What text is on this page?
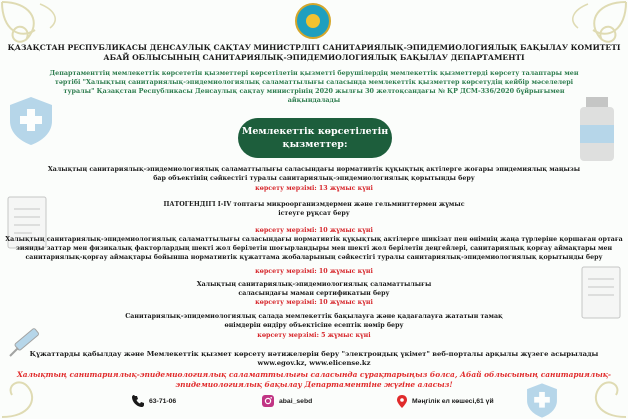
ҚАЗАҚСТАН РЕСПУБЛИКАСЫ ДЕНСАУЛЫҚ САҚТАУ МИНИСТРЛІГІ САНИТАРИЯЛЫҚ-ЭПИДЕМИОЛОГИЯЛЫҚ БАҚЫЛАУ КОМИТЕТІ
АБАЙ ОБЛЫСЫНЫҢ САНИТАРИЯЛЫҚ-ЭПИДЕМИОЛОГИЯЛЫҚ БАҚЫЛАУ ДЕПАРТАМЕНТІ
Департаменттің мемлекеттік көрсететін қызметтері көрсетілетін қызметті берушілердің мемлекеттік қызметтерді көрсету талаптары мен
тәртібі "Халықтың санитариялық-эпидемиологиялық саламаттылығы саласында мемлекеттік қызметтер көрсетудің кейбір мәселелері
туралы" Қазақстан Республикасы Денсаулық сақтау министрінің 2020 жылғы 30 желтоқсандағы № ҚР ДСМ-336/2020 бұйрығымен
айқындалады
Мемлекеттік көрсетілетін
қызметтер:
Халықтың санитариялық-эпидемиологиялық саламаттылығы саласындағы нормативтік құқықтық актілерге жоғары эпидемиялық маңызы
бар объектінің сәйкестігі туралы санитариялық-эпидемиологиялық қорытынды беру
көрсету мерзімі: 13 жұмыс күні
ПАТОГЕНДІГІ I-IV топтағы микроорганизмдермен және гельминттермен жұмыс
істеуге рұқсат беру
көрсету мерзімі: 10 жұмыс күні
Халықтың санитариялық-эпидемиологиялық саламаттылығы саласындағы нормативтік құқықтық актілерге шикізат пен өнімнің жаңа түрлеріне қоршаған ортаға
зиянды заттар мен физикалық факторлардың шекті жол берілетін шоғырландыры мен шекті жол берілетін деңгейлері, санитариялық қорғау аймақтары мен
санитариялық-қорғау аймақтары бойынша нормативтік құжаттама жобаларының сәйкестігі туралы санитариялық-эпидемиологиялық қорытынды беру
көрсету мерзімі: 10 жұмыс күні
Халықтың санитариялық-эпидемиологиялық саламаттылығы
саласындағы маман сертификатын беру
көрсету мерзімі: 10 жұмыс күні
Санитариялық-эпидемиологиялық салада мемлекеттік бақылауға және қадағалауға жататын тамақ
өнімдерін өндіру объектісіне есептік нөмір беру
көрсету мерзімі: 5 жұмыс күні
Құжаттарды қабылдау және Мемлекеттік қызмет көрсету нәтижелерін беру "электрондық үкімет" веб-порталы арқылы жүзеге асырылады
www.egov.kz, www.elicense.kz
Халықтың санитариялық-эпидемиологиялық саламаттылығы саласында сұрақтарыңыз болса, Абай облысының санитариялық-
эпидемиологиялық бақылау Департаментіне жүгіне аласыз!
63-71-06	abai_sebd	Мәңгілік ел көшесі,61 үй
